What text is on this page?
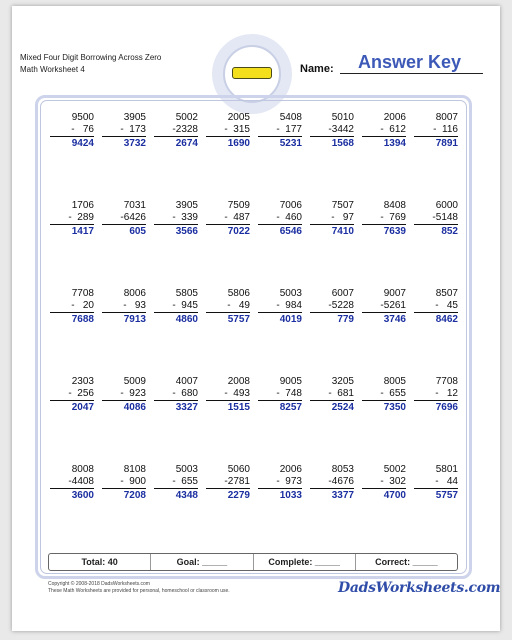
Mixed Four Digit Borrowing Across Zero
Math Worksheet 4	Name: Answer Key
9500
-   76
9424
3905
-  173
3732
5002
-2328
2674
2005
-  315
1690
5408
-  177
5231
5010
-3442
1568
2006
-  612
1394
8007
-  116
7891
1706
-  289
1417
7031
-6426
605
3905
-  339
3566
7509
-  487
7022
7006
-  460
6546
7507
-   97
7410
8408
-  769
7639
6000
-5148
852
7708
-   20
7688
8006
-   93
7913
5805
-  945
4860
5806
-   49
5757
5003
-  984
4019
6007
-5228
779
9007
-5261
3746
8507
-   45
8462
2303
-  256
2047
5009
-  923
4086
4007
-  680
3327
2008
-  493
1515
9005
-  748
8257
3205
-  681
2524
8005
-  655
7350
7708
-   12
7696
8008
-4408
3600
8108
-  900
7208
5003
-  655
4348
5060
-2781
2279
2006
-  973
1033
8053
-4676
3377
5002
-  302
4700
5801
-   44
5757
Total: 40	Goal: _____	Complete: _____	Correct: _____
Copyright © 2008-2018 DadsWorksheets.com
These Math Worksheets are provided for personal, homeschool or classroom use.	DadsWorksheets.com
